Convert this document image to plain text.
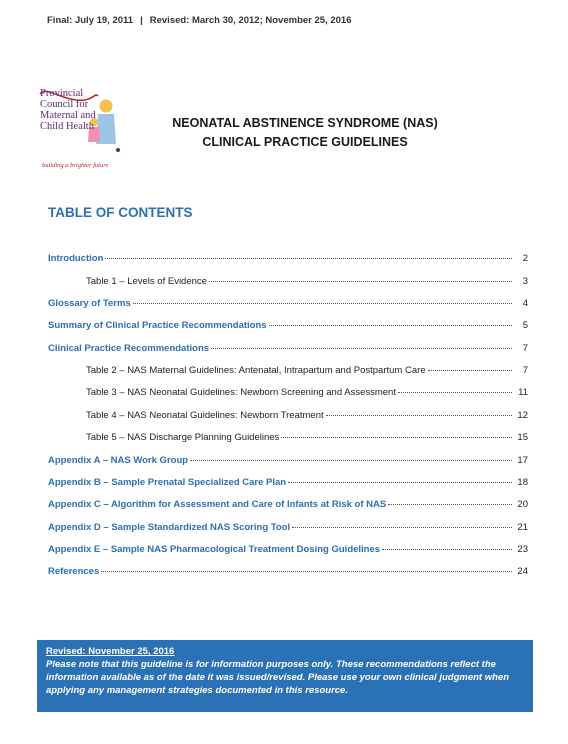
Final: July 19, 2011 | Revised: March 30, 2012; November 25, 2016
Provincial
Council for
Maternal and
Child Health
building a brighter future
NEONATAL ABSTINENCE SYNDROME (NAS)
CLINICAL PRACTICE GUIDELINES
TABLE OF CONTENTS
Introduction	2
Table 1 – Levels of Evidence	3
Glossary of Terms	4
Summary of Clinical Practice Recommendations	5
Clinical Practice Recommendations	7
Table 2 – NAS Maternal Guidelines: Antenatal, Intrapartum and Postpartum Care	7
Table 3 – NAS Neonatal Guidelines: Newborn Screening and Assessment	11
Table 4 – NAS Neonatal Guidelines: Newborn Treatment	12
Table 5 – NAS Discharge Planning Guidelines	15
Appendix A – NAS Work Group	17
Appendix B – Sample Prenatal Specialized Care Plan	18
Appendix C – Algorithm for Assessment and Care of Infants at Risk of NAS	20
Appendix D – Sample Standardized NAS Scoring Tool	21
Appendix E – Sample NAS Pharmacological Treatment Dosing Guidelines	23
References	24
Revised: November 25, 2016
Please note that this guideline is for information purposes only. These recommendations reflect the information available as of the date it was issued/revised. Please use your own clinical judgment when applying any management strategies documented in this resource.
